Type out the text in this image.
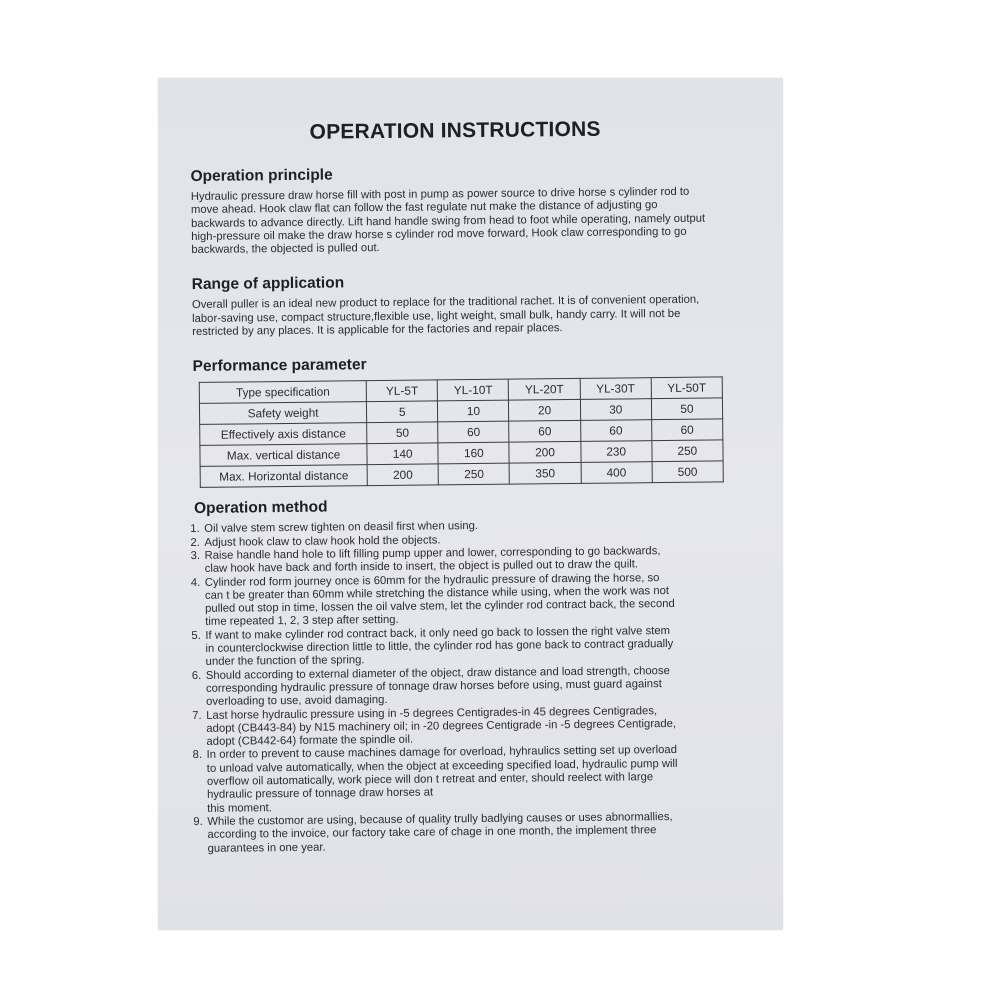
OPERATION INSTRUCTIONS
Operation principle

Hydraulic pressure draw horse fill with post in pump as power source to drive horse s cylinder rod to
move ahead. Hook claw flat can follow the fast regulate nut make the distance of adjusting go
backwards to advance directly. Lift hand handle swing from head to foot while operating, namely output
high-pressure oil make the draw horse s cylinder rod move forward, Hook claw corresponding to go
backwards, the objected is pulled out.

Range of application

Overall puller is an ideal new product to replace for the traditional rachet. It is of convenient operation,
labor-saving use, compact structure,flexible use, light weight, small bulk, handy carry. It will not be
restricted by any places. It is applicable for the factories and repair places.

Performance parameter
Type specification	YL-5T	YL-10T	YL-20T	YL-30T	YL-50T
Safety weight	5	10	20	30	50
Effectively axis distance	50	60	60	60	60
Max. vertical distance	140	160	200	230	250
Max. Horizontal distance	200	250	350	400	500
Operation method
1. Oil valve stem screw tighten on deasil first when using.
2. Adjust hook claw to claw hook hold the objects.
3. Raise handle hand hole to lift filling pump upper and lower, corresponding to go backwards,
claw hook have back and forth inside to insert, the object is pulled out to draw the quilt.
4. Cylinder rod form journey once is 60mm for the hydraulic pressure of drawing the horse, so
can t be greater than 60mm while stretching the distance while using, when the work was not
pulled out stop in time, lossen the oil valve stem, let the cylinder rod contract back, the second
time repeated 1, 2, 3 step after setting.
5. If want to make cylinder rod contract back, it only need go back to lossen the right valve stem
in counterclockwise direction little to little, the cylinder rod has gone back to contract gradually
under the function of the spring.
6. Should according to external diameter of the object, draw distance and load strength, choose
corresponding hydraulic pressure of tonnage draw horses before using, must guard against
overloading to use, avoid damaging.
7. Last horse hydraulic pressure using in -5 degrees Centigrades-in 45 degrees Centigrades,
adopt (CB443-84) by N15 machinery oil; in -20 degrees Centigrade -in -5 degrees Centigrade,
adopt (CB442-64) formate the spindle oil.
8. In order to prevent to cause machines damage for overload, hyhraulics setting set up overload
to unload valve automatically, when the object at exceeding specified load, hydraulic pump will
overflow oil automatically, work piece will don t retreat and enter, should reelect with large
hydraulic pressure of tonnage draw horses at
this moment.
9. While the customor are using, because of quality trully badlying causes or uses abnormallies,
according to the invoice, our factory take care of chage in one month, the implement three
guarantees in one year.
